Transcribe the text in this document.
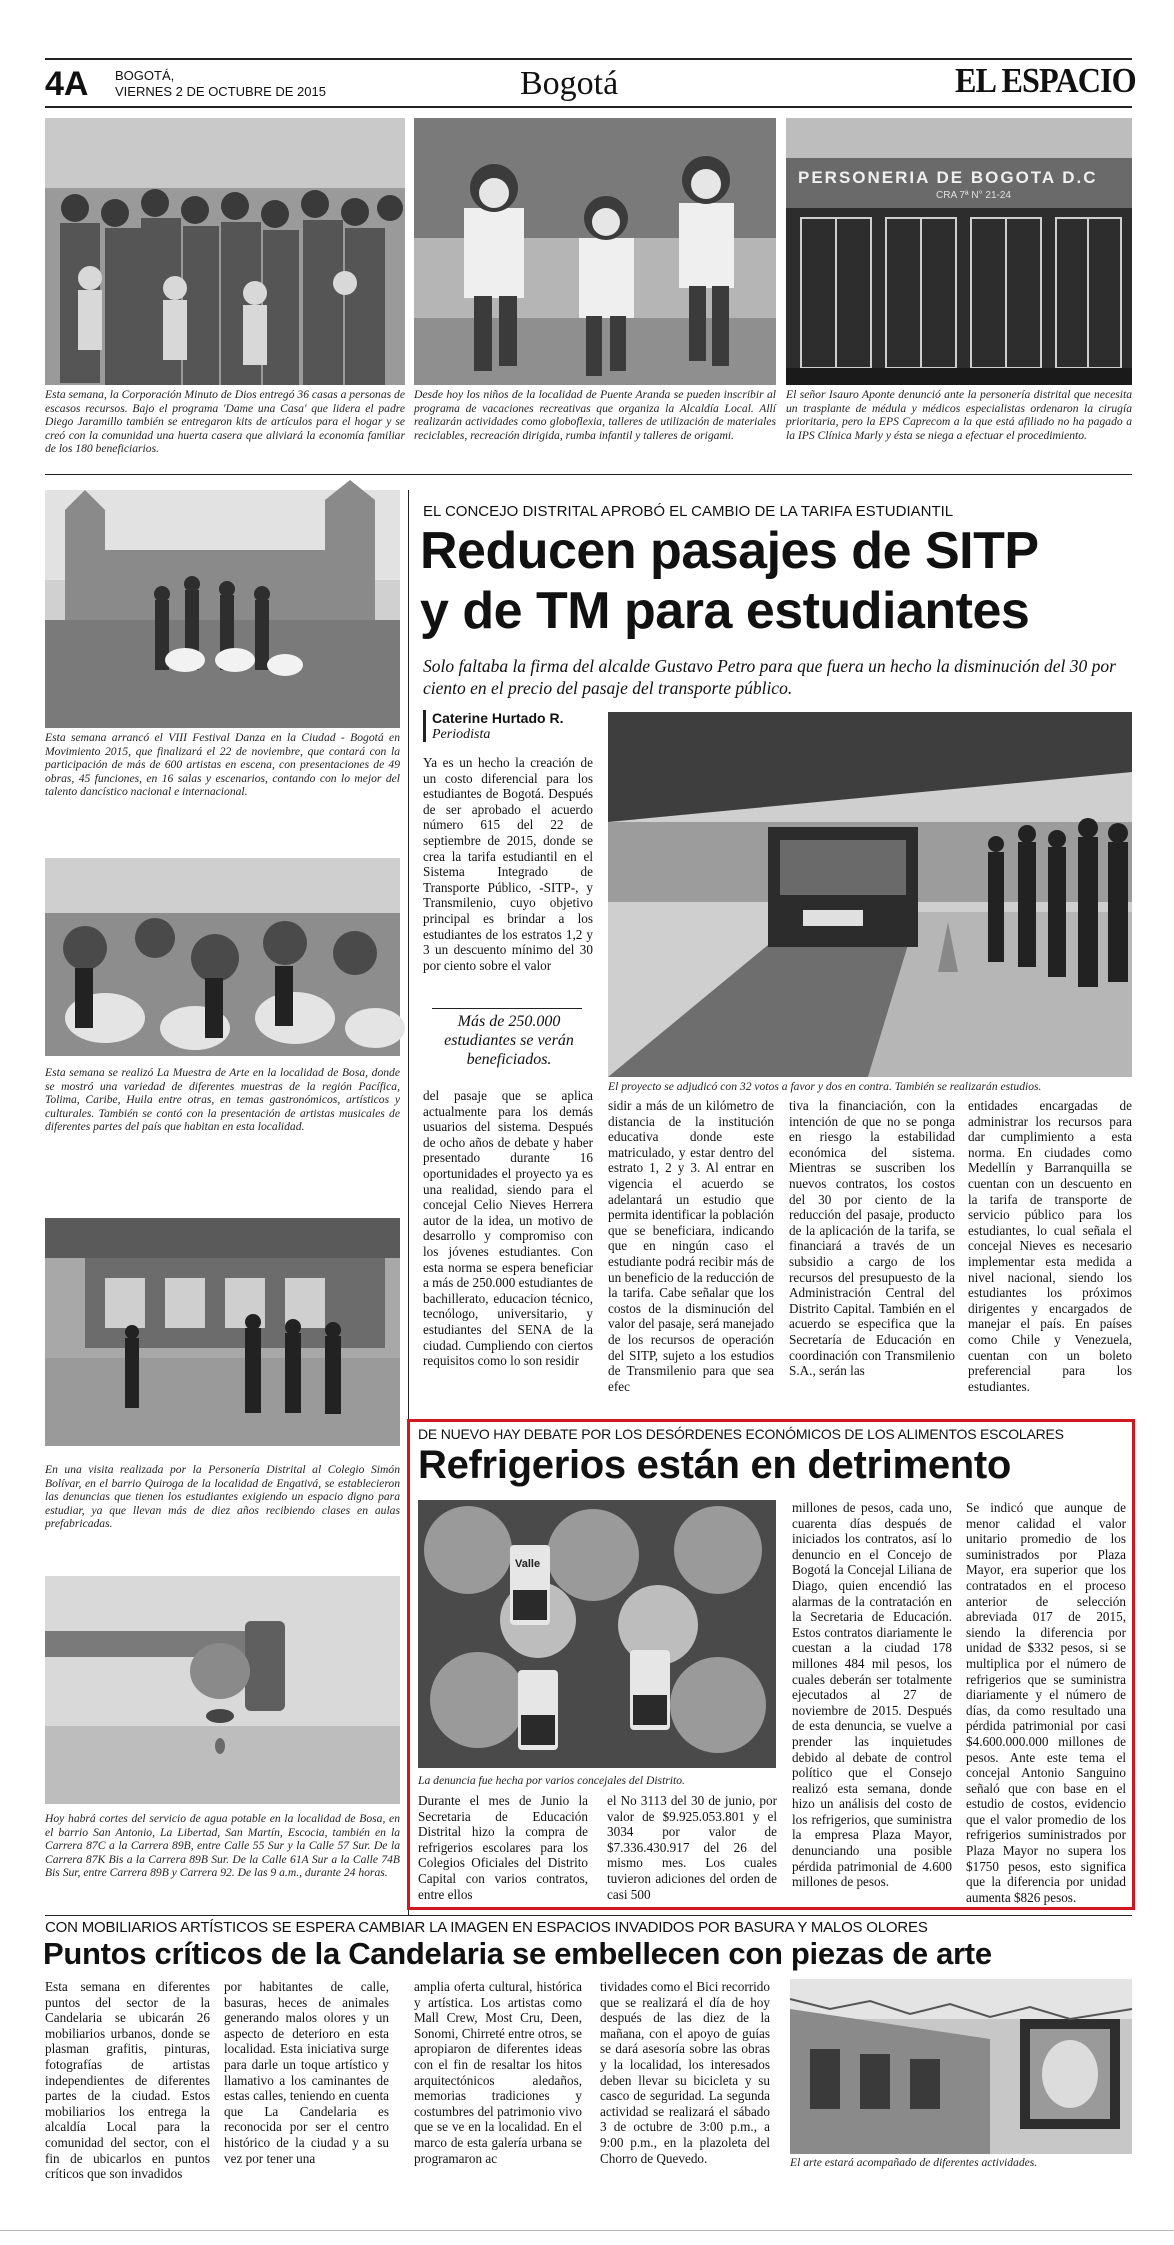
4A BOGOTÁ,
VIERNES 2 DE OCTUBRE DE 2015	Bogotá	EL ESPACIO
Esta semana, la Corporación Minuto de Dios entregó 36 casas a personas de escasos recursos. Bajo el programa 'Dame una Casa' que lidera el padre Diego Jaramillo también se entregaron kits de artículos para el hogar y se creó con la comunidad una huerta casera que aliviará la economía familiar de los 180 beneficiarios.
Desde hoy los niños de la localidad de Puente Aranda se pueden inscribir al programa de vacaciones recreativas que organiza la Alcaldía Local. Allí realizarán actividades como globoflexia, talleres de utilización de materiales reciclables, recreación dirigida, rumba infantil y talleres de origami.
PERSONERIA DE BOGOTA D.C
CRA 7ª N° 21-24
El señor Isauro Aponte denunció ante la personería distrital que necesita un trasplante de médula y médicos especialistas ordenaron la cirugía prioritaria, pero la EPS Caprecom a la que está afiliado no ha pagado a la IPS Clínica Marly y ésta se niega a efectuar el procedimiento.
Esta semana arrancó el VIII Festival Danza en la Ciudad - Bogotá en Movimiento 2015, que finalizará el 22 de noviembre, que contará con la participación de más de 600 artistas en escena, con presentaciones de 49 obras, 45 funciones, en 16 salas y escenarios, contando con lo mejor del talento dancístico nacional e internacional.
Esta semana se realizó La Muestra de Arte en la localidad de Bosa, donde se mostró una variedad de diferentes muestras de la región Pacífica, Tolima, Caribe, Huila entre otras, en temas gastronómicos, artísticos y culturales. También se contó con la presentación de artistas musicales de diferentes partes del país que habitan en esta localidad.
En una visita realizada por la Personería Distrital al Colegio Simón Bolívar, en el barrio Quiroga de la localidad de Engativá, se establecieron las denuncias que tienen los estudiantes exigiendo un espacio digno para estudiar, ya que llevan más de diez años recibiendo clases en aulas prefabricadas.
Hoy habrá cortes del servicio de agua potable en la localidad de Bosa, en el barrio San Antonio, La Libertad, San Martín, Escocia, también en la Carrera 87C a la Carrera 89B, entre Calle 55 Sur y la Calle 57 Sur. De la Carrera 87K Bis a la Carrera 89B Sur. De la Calle 61A Sur a la Calle 74B Bis Sur, entre Carrera 89B y Carrera 92. De las 9 a.m., durante 24 horas.
EL CONCEJO DISTRITAL APROBÓ EL CAMBIO DE LA TARIFA ESTUDIANTIL
Reducen pasajes de SITP
y de TM para estudiantes
Solo faltaba la firma del alcalde Gustavo Petro para que fuera un hecho la disminución del 30 por ciento en el precio del pasaje del transporte público.
Caterine Hurtado R.
Periodista
Ya es un hecho la creación de un costo diferencial para los estudiantes de Bogotá. Después de ser aprobado el acuerdo número 615 del 22 de septiembre de 2015, donde se crea la tarifa estudiantil en el Sistema Integrado de Transporte Público, -SITP-, y Transmilenio, cuyo objetivo principal es brindar a los estudiantes de los estratos 1,2 y 3 un descuento mínimo del 30 por ciento sobre el valor
Más de 250.000 estudiantes se verán beneficiados.
del pasaje que se aplica actualmente para los demás usuarios del sistema. Después de ocho años de debate y haber presentado durante 16 oportunidades el proyecto ya es una realidad, siendo para el concejal Celio Nieves Herrera autor de la idea, un motivo de desarrollo y compromiso con los jóvenes estudiantes. Con esta norma se espera beneficiar a más de 250.000 estudiantes de bachillerato, educacion técnico, tecnólogo, universitario, y estudiantes del SENA de la ciudad. Cumpliendo con ciertos requisitos como lo son residir
El proyecto se adjudicó con 32 votos a favor y dos en contra. También se realizarán estudios.
sidir a más de un kilómetro de distancia de la institución educativa donde este matriculado, y estar dentro del estrato 1, 2 y 3. Al entrar en vigencia el acuerdo se adelantará un estudio que permita identificar la población que se beneficiara, indicando que en ningún caso el estudiante podrá recibir más de un beneficio de la reducción de la tarifa. Cabe señalar que los costos de la disminución del valor del pasaje, será manejado de los recursos de operación del SITP, sujeto a los estudios de Transmilenio para que sea efec
tiva la financiación, con la intención de que no se ponga en riesgo la estabilidad económica del sistema. Mientras se suscriben los nuevos contratos, los costos del 30 por ciento de la reducción del pasaje, producto de la aplicación de la tarifa, se financiará a través de un subsidio a cargo de los recursos del presupuesto de la Administración Central del Distrito Capital. También en el acuerdo se especifica que la Secretaría de Educación en coordinación con Transmilenio S.A., serán las
entidades encargadas de administrar los recursos para dar cumplimiento a esta norma. En ciudades como Medellín y Barranquilla se cuentan con un descuento en la tarifa de transporte de servicio público para los estudiantes, lo cual señala el concejal Nieves es necesario implementar esta medida a nivel nacional, siendo los estudiantes los próximos dirigentes y encargados de manejar el país. En países como Chile y Venezuela, cuentan con un boleto preferencial para los estudiantes.
DE NUEVO HAY DEBATE POR LOS DESÓRDENES ECONÓMICOS DE LOS ALIMENTOS ESCOLARES
Refrigerios están en detrimento
Valle
La denuncia fue hecha por varios concejales del Distrito.
Durante el mes de Junio la Secretaria de Educación Distrital hizo la compra de refrigerios escolares para los Colegios Oficiales del Distrito Capital con varios contratos, entre ellos
el No 3113 del 30 de junio, por valor de $9.925.053.801 y el 3034 por valor de $7.336.430.917 del 26 del mismo mes. Los cuales tuvieron adiciones del orden de casi 500
millones de pesos, cada uno, cuarenta días después de iniciados los contratos, así lo denuncio en el Concejo de Bogotá la Concejal Liliana de Diago, quien encendió las alarmas de la contratación en la Secretaria de Educación. Estos contratos diariamente le cuestan a la ciudad 178 millones 484 mil pesos, los cuales deberán ser totalmente ejecutados al 27 de noviembre de 2015. Después de esta denuncia, se vuelve a prender las inquietudes debido al debate de control político que el Consejo realizó esta semana, donde hizo un análisis del costo de los refrigerios, que suministra la empresa Plaza Mayor, denunciando una posible pérdida patrimonial de 4.600 millones de pesos.
Se indicó que aunque de menor calidad el valor unitario promedio de los suministrados por Plaza Mayor, era superior que los contratados en el proceso anterior de selección abreviada 017 de 2015, siendo la diferencia por unidad de $332 pesos, si se multiplica por el número de refrigerios que se suministra diariamente y el número de días, da como resultado una pérdida patrimonial por casi $4.600.000.000 millones de pesos. Ante este tema el concejal Antonio Sanguino señaló que con base en el estudio de costos, evidencio que el valor promedio de los refrigerios suministrados por Plaza Mayor no supera los $1750 pesos, esto significa que la diferencia por unidad aumenta $826 pesos.
CON MOBILIARIOS ARTÍSTICOS SE ESPERA CAMBIAR LA IMAGEN EN ESPACIOS INVADIDOS POR BASURA Y MALOS OLORES
Puntos críticos de la Candelaria se embellecen con piezas de arte
Esta semana en diferentes puntos del sector de la Candelaria se ubicarán 26 mobiliarios urbanos, donde se plasman grafitis, pinturas, fotografías de artistas independientes de diferentes partes de la ciudad. Estos mobiliarios los entrega la alcaldía Local para la comunidad del sector, con el fin de ubicarlos en puntos críticos que son invadidos
por habitantes de calle, basuras, heces de animales generando malos olores y un aspecto de deterioro en esta localidad. Esta iniciativa surge para darle un toque artístico y llamativo a los caminantes de estas calles, teniendo en cuenta que La Candelaria es reconocida por ser el centro histórico de la ciudad y a su vez por tener una
amplia oferta cultural, histórica y artística. Los artistas como Mall Crew, Most Cru, Deen, Sonomi, Chirreté entre otros, se apropiaron de diferentes ideas con el fin de resaltar los hitos arquitectónicos aledaños, memorias tradiciones y costumbres del patrimonio vivo que se ve en la localidad. En el marco de esta galería urbana se programaron ac
tividades como el Bici recorrido que se realizará el día de hoy después de las diez de la mañana, con el apoyo de guías se dará asesoría sobre las obras y la localidad, los interesados deben llevar su bicicleta y su casco de seguridad. La segunda actividad se realizará el sábado 3 de octubre de 3:00 p.m., a 9:00 p.m., en la plazoleta del Chorro de Quevedo.	El arte estará acompañado de diferentes actividades.
